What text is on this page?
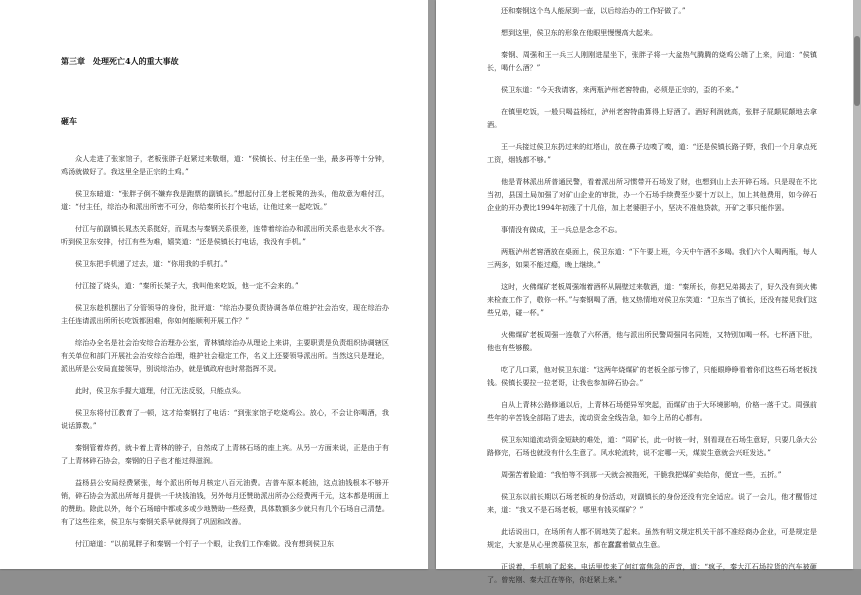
第三章　处理死亡4人的重大事故
砸车

众人走进了张家馆子，老板张胖子赶紧过来敬烟，道：“侯镇长、付主任坐一坐，最多再等十分钟，鸡汤就做好了。我这里全是正宗的土鸡。”

侯卫东暗道：“张胖子倒不嫌弃我是跑票的副镇长。”想起付江身上老板凳的劲头，他故意为难付江，道：“付主任，综治办和派出所密不可分，你给秦所长打个电话，让他过来一起吃饭。”

付江与前副镇长晁杰关系挺好，而晁杰与秦钢关系很差，连带着综治办和派出所关系也是水火不容。听到侯卫东安排，付江有些为难，嬉笑道：“还是侯镇长打电话，我没有手机。”

侯卫东把手机递了过去，道：“你用我的手机打。”

付江接了烧头，道：“秦所长架子大，我叫他来吃饭，他一定不会来的。”

侯卫东趁机摆出了分管领导的身份，批评道：“综治办要负责协调各单位维护社会治安，现在综治办主任连请派出所所长吃饭都困难，你如何能顺利开展工作？”

综治办全名是社会治安综合治理办公室，青林镇综治办从理论上来讲，主要职责是负责组织协调辖区有关单位和部门开展社会治安综合治理，维护社会稳定工作，名义上还要领导派出所。当然这只是理论，派出所是公安局直接领导，别说综治办，就是镇政府也时常指挥不灵。

此时，侯卫东手握大道理，付江无法反驳，只能点头。

侯卫东将付江教育了一顿，这才给秦钢打了电话：“到张家馆子吃烧鸡公。放心，不会让你喝酒，我说话算数。”

秦钢管着炸药，就卡着上青林的脖子，自然成了上青林石场的座上宾。从另一方面来说，正是由于有了上青林碎石协会，秦钢的日子也才能过得滋润。

益杨县公安局经费紧张，每个派出所每月核定八百元油费。吉普车原本耗油，这点油钱根本不够开销，碎石协会为派出所每月提供一千块钱油钱，另外每月还赞助派出所办公经费两千元，这本都是明面上的赞助。除此以外，每个石场暗中都或多或少地赞助一些经费，具体数额多少就只有几个石场自己清楚。有了这些往来，侯卫东与秦钢关系早就得到了巩固和改善。

付江暗道：“以前晁胖子和秦钢一个钉子一个眼，让我们工作难做。没有想到侯卫东

还和秦钢这个鸟人能尿到一壶，以后综治办的工作好做了。”

想到这里，侯卫东的形象在他眼里慢慢高大起来。

秦钢、周强和王一兵三人刚刚进屋坐下，张胖子将一大盆热气腾腾的烧鸡公端了上来，问道：“侯镇长，喝什么酒？”

侯卫东道：“今天我请客，来两瓶泸州老窖特曲，必须是正宗的，歪的不来。”

在镇里吃饭，一般只喝益杨红，泸州老窖特曲算得上好酒了。酒好利润就高，张胖子屁颠屁颠地去拿酒。

王一兵接过侯卫东扔过来的红塔山，放在鼻子边嗅了嗅，道：“还是侯镇长路子野，我们一个月拿点死工资，烟钱都不够。”

他是青林派出所普通民警，看着派出所习惯带开石场发了财，也想到山上去开碎石场。只是现在不比当初，县国土局加强了对矿山企业的审批，办一个石场手续费至少要十万以上，加上其他费用，如今碎石企业的开办费比1994年初涨了十几倍，加上老婆胆子小，坚决不准他贷款，开矿之事只能作罢。

事情没有做成，王一兵总是念念不忘。

两瓶泸州老窖酒放在桌面上，侯卫东道：“下午要上班，今天中午酒不多喝。我们六个人喝两瓶，每人三两多，如果不能过瘾，晚上继续。”

这时，火佛煤矿老板周强端着酒杯从隔壁过来敬酒，道：“秦所长，你把兄弟揭去了，好久没有到火佛来检查工作了，敬你一杯。”与秦钢喝了酒，他又热情地对侯卫东笑道：“卫东当了镇长，还没有接见我们这些兄弟，碰一杯。”

火佛煤矿老板周强一连敬了六杯酒，他与派出所民警周强同名同姓，又特别加喝一杯。七杯酒下肚，他也有些够酸。

吃了几口菜，他对侯卫东道：“这两年烧煤矿的老板全部亏惨了，只能眼睁睁看着你们这些石场老板找钱。侯镇长要拉一拉老哥，让我也参加碎石协会。”

自从上青林公路修通以后，上青林石场便异军突起，而煤矿由于大环境影响，价格一落千丈。周强前些年的辛苦钱全部陷了进去，流动资金全线告急，如今上吊的心都有。

侯卫东知道流动资金短缺的难处，道：“周矿长，此一时彼一时，别看现在石场生意好，只要几条大公路修完，石场也就没有什么生意了。风水轮流转，说不定哪一天，煤炭生意就会兴旺发达。”

周强苦着脸道：“我怕等不到那一天就会被拖死，干脆我把煤矿卖给你，便宜一些，五折。”

侯卫东以前长期以石场老板的身份活动，对副镇长的身份还没有完全适应。说了一会儿，他才醒悟过来，道：“我又不是石场老板，哪里有钱买煤矿？”

此话说出口，在场所有人都不屑地笑了起来。虽然有明文规定机关干部不准经商办企业，可是规定是规定，大家是从心里羡慕侯卫东，都在蠢蠢着做点生意。

正说着，手机响了起来。电话里传来了何红富焦急的声音，道：“疯子，秦大江石场拉货的汽车被砸了。曾宪刚、秦大江在等你，你赶紧上来。”
